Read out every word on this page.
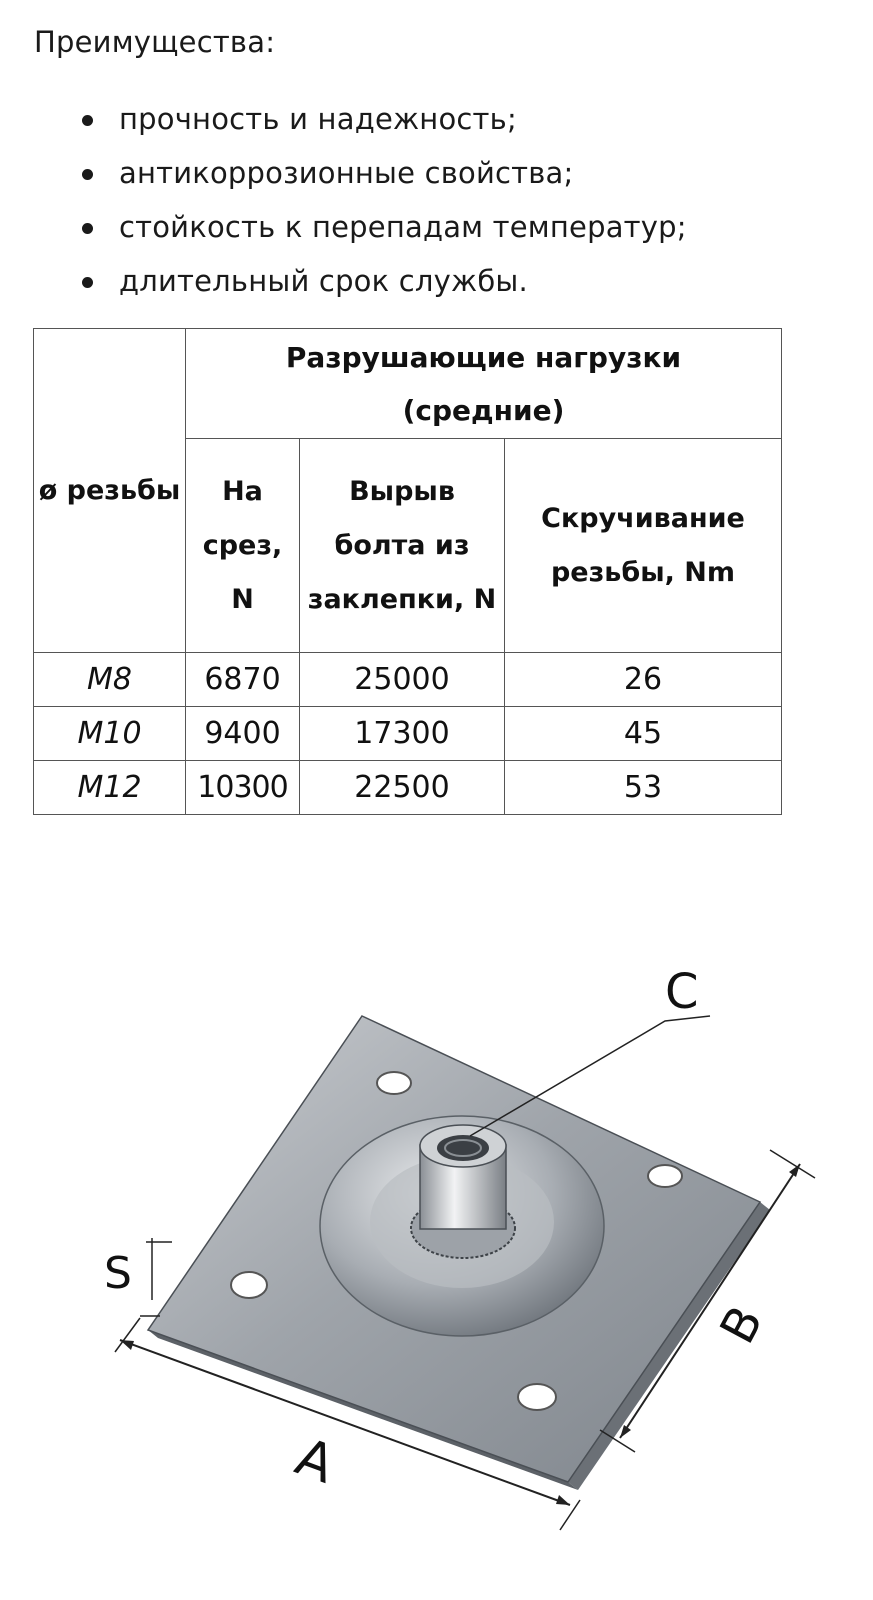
Преимущества:
прочность и надежность;
антикоррозионные свойства;
стойкость к перепадам температур;
длительный срок службы.
ø резьбы	Разрушающие нагрузки (средние)		
	На срез, N	Вырыв болта из заклепки, N	Скручивание резьбы, Nm
M8	6870	25000	26
M10	9400	17300	45
M12	10300	22500	53
C
A
B
S
